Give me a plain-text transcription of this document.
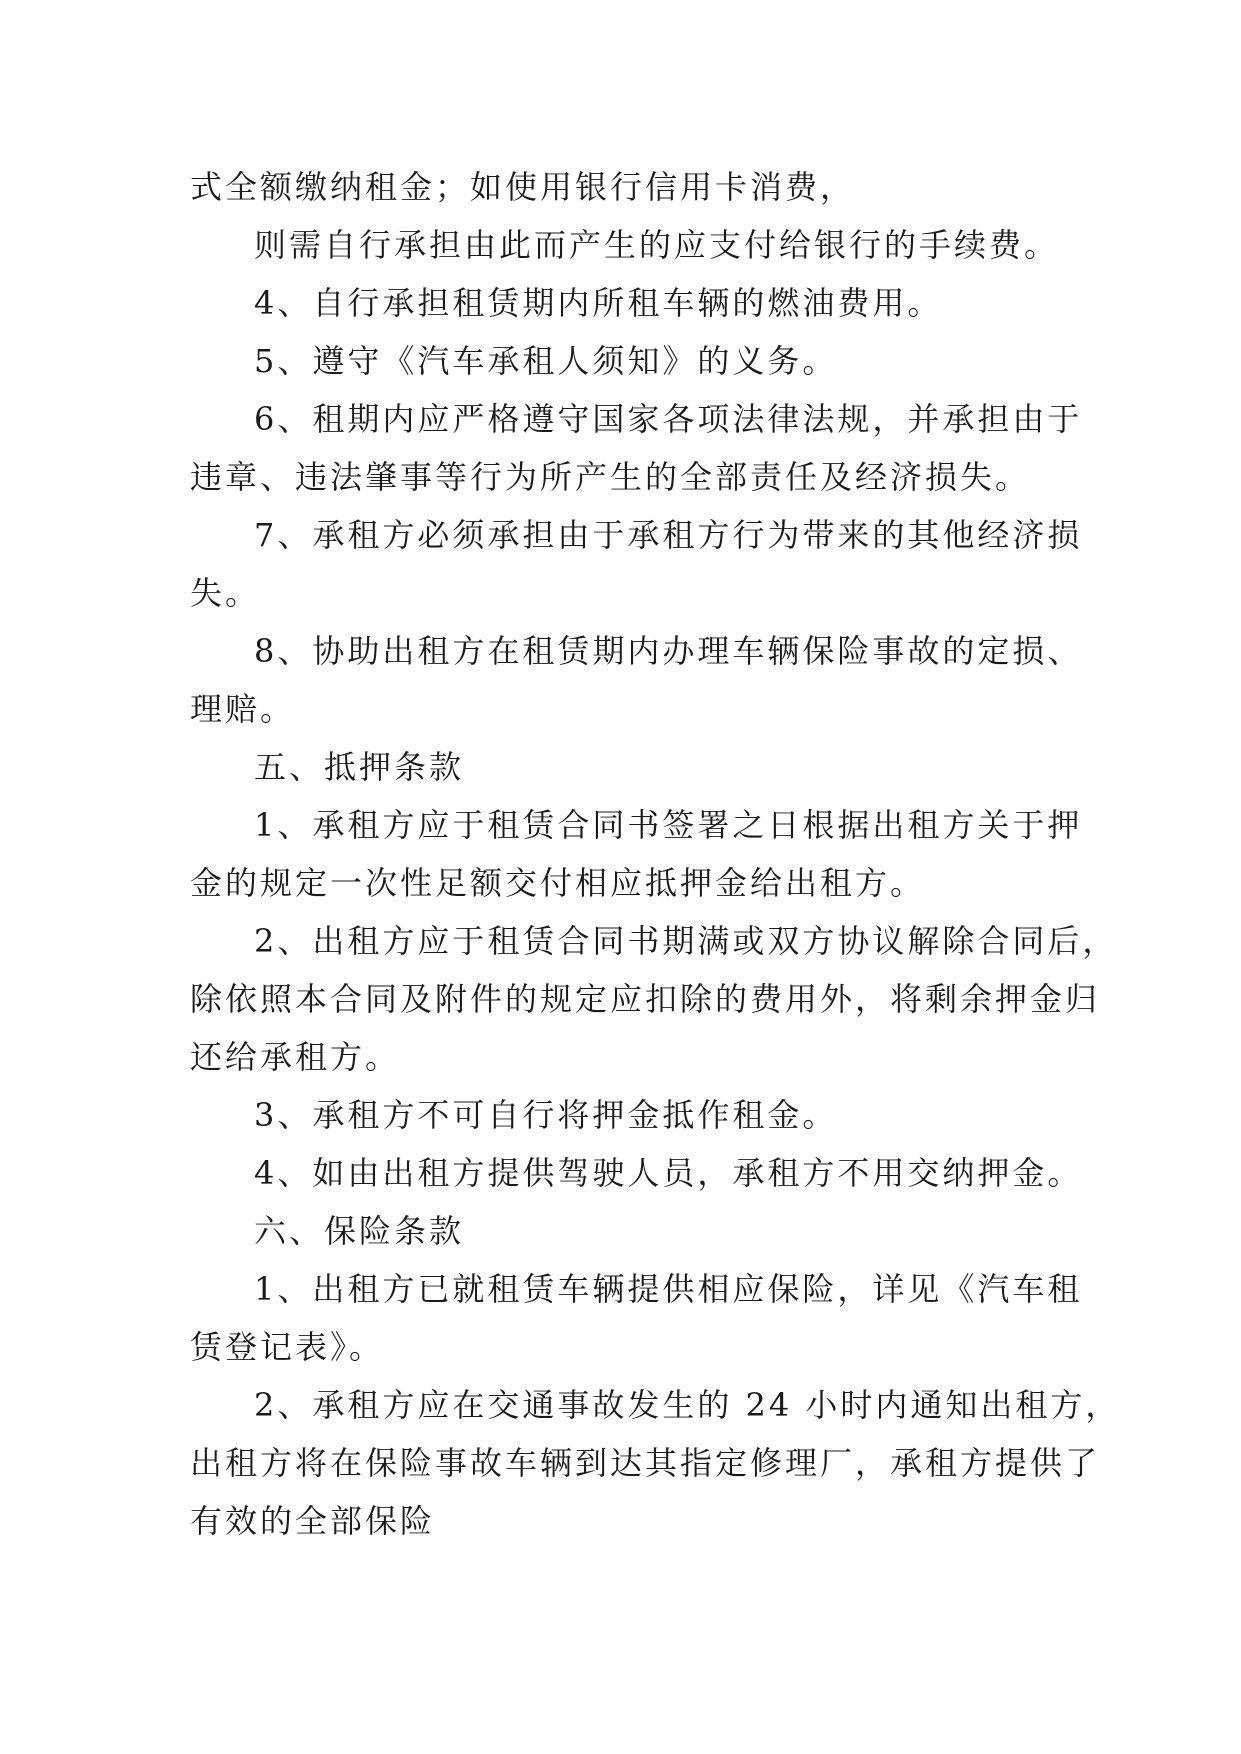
式全额缴纳租金；如使用银行信用卡消费，
则需自行承担由此而产生的应支付给银行的手续费。
4、自行承担租赁期内所租车辆的燃油费用。
5、遵守《汽车承租人须知》的义务。
6、租期内应严格遵守国家各项法律法规，并承担由于
违章、违法肇事等行为所产生的全部责任及经济损失。
7、承租方必须承担由于承租方行为带来的其他经济损
失。
8、协助出租方在租赁期内办理车辆保险事故的定损、
理赔。
五、抵押条款
1、承租方应于租赁合同书签署之日根据出租方关于押
金的规定一次性足额交付相应抵押金给出租方。
2、出租方应于租赁合同书期满或双方协议解除合同后，
除依照本合同及附件的规定应扣除的费用外，将剩余押金归
还给承租方。
3、承租方不可自行将押金抵作租金。
4、如由出租方提供驾驶人员，承租方不用交纳押金。
六、保险条款
1、出租方已就租赁车辆提供相应保险，详见《汽车租
赁登记表》。
2、承租方应在交通事故发生的 24 小时内通知出租方，
出租方将在保险事故车辆到达其指定修理厂，承租方提供了
有效的全部保险
